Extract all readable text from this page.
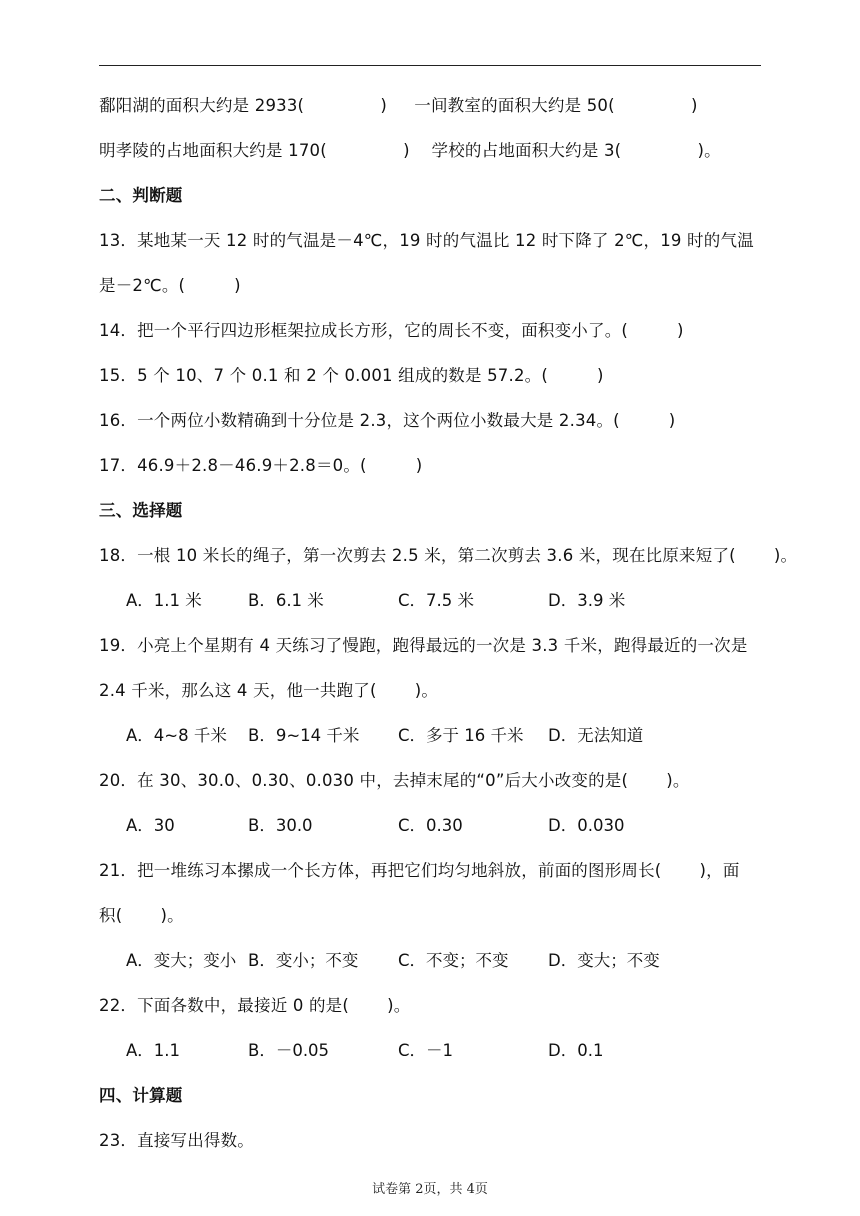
鄱阳湖的面积大约是 2933(              )     一间教室的面积大约是 50(              )
明孝陵的占地面积大约是 170(              )    学校的占地面积大约是 3(              )。
二、判断题
13．某地某一天 12 时的气温是－4℃，19 时的气温比 12 时下降了 2℃，19 时的气温
是－2℃。(         )
14．把一个平行四边形框架拉成长方形，它的周长不变，面积变小了。(         )
15．5 个 10、7 个 0.1 和 2 个 0.001 组成的数是 57.2。(         )
16．一个两位小数精确到十分位是 2.3，这个两位小数最大是 2.34。(         )
17．46.9＋2.8－46.9＋2.8＝0。(         )
三、选择题
18．一根 10 米长的绳子，第一次剪去 2.5 米，第二次剪去 3.6 米，现在比原来短了(       )。
A．1.1 米	B．6.1 米	C．7.5 米	D．3.9 米
19．小亮上个星期有 4 天练习了慢跑，跑得最远的一次是 3.3 千米，跑得最近的一次是
2.4 千米，那么这 4 天，他一共跑了(       )。
A．4~8 千米 B．9~14 千米 C．多于 16 千米 D．无法知道
20．在 30、30.0、0.30、0.030 中，去掉末尾的“0”后大小改变的是(       )。
A．30	B．30.0	C．0.30	D．0.030
21．把一堆练习本摞成一个长方体，再把它们均匀地斜放，前面的图形周长(       )，面
积(       )。
A．变大；变小 B．变小；不变 C．不变；不变 D．变大；不变
22．下面各数中，最接近 0 的是(       )。
A．1.1	B．－0.05	C．－1	D．0.1
四、计算题
23．直接写出得数。
试卷第 2页，共 4页
